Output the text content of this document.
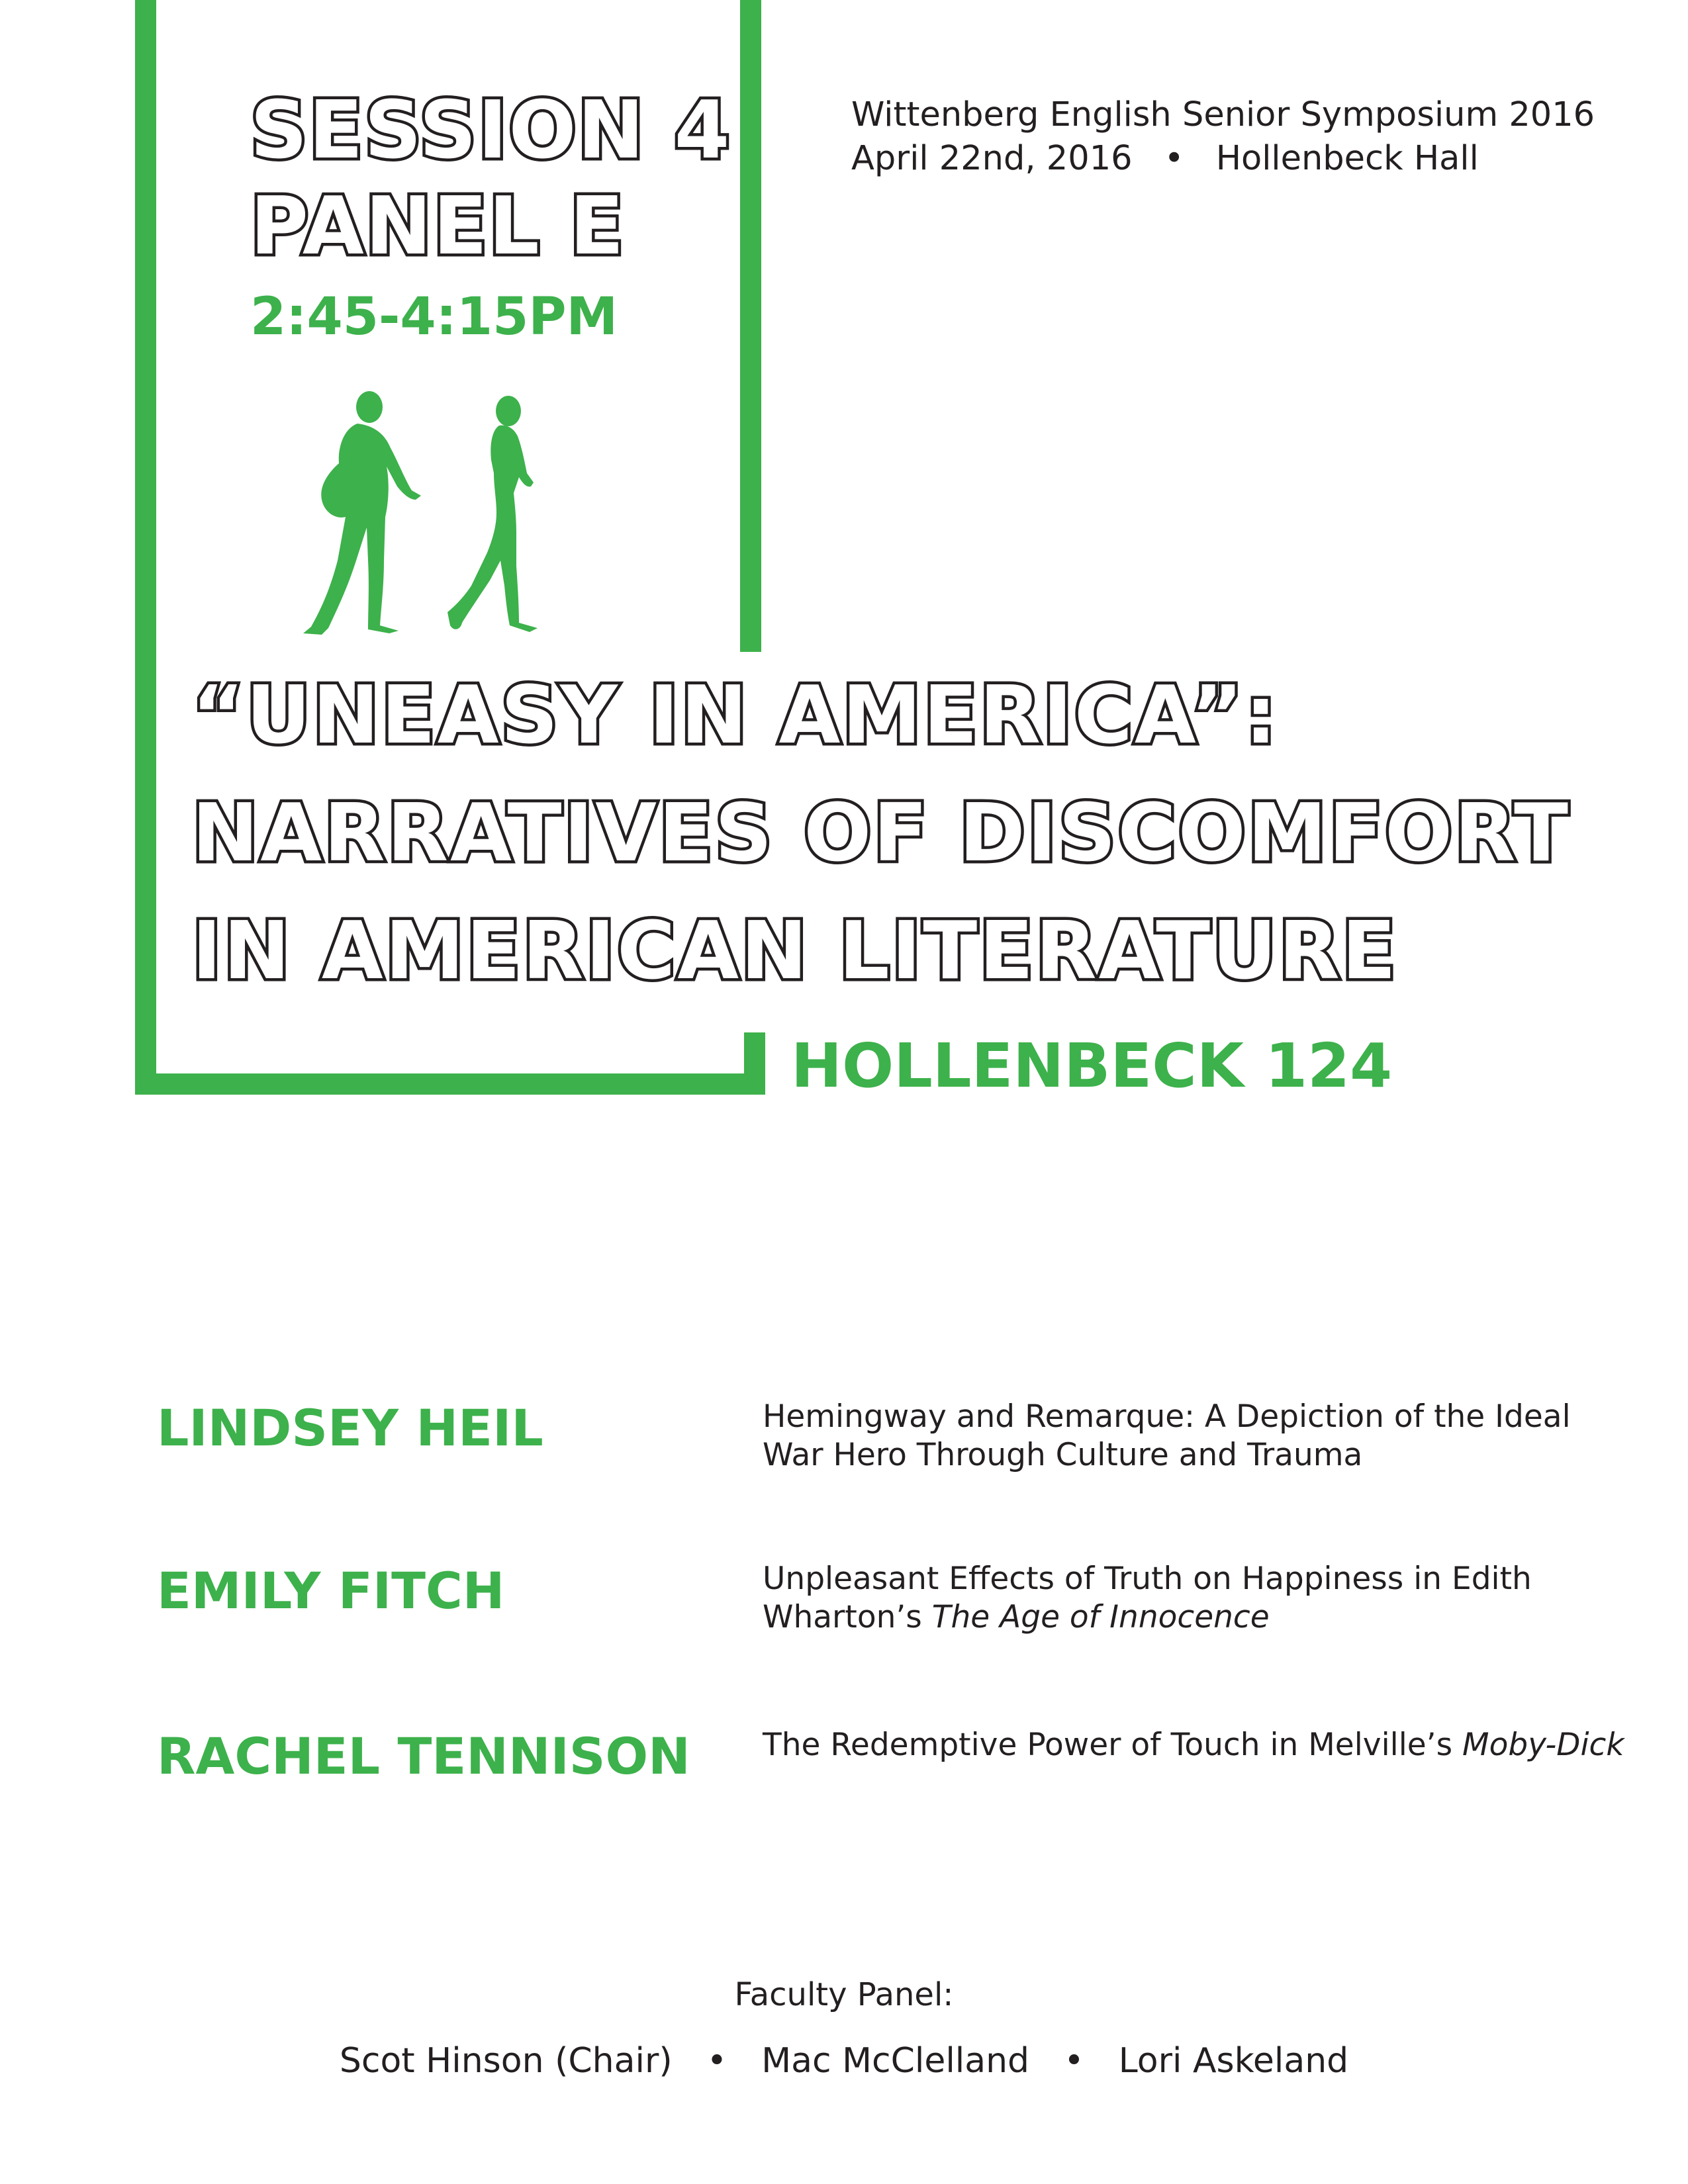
SESSION 4
PANEL E
2:45-4:15PM
Wittenberg English Senior Symposium 2016
April 22nd, 2016 • Hollenbeck Hall
“UNEASY IN AMERICA”:
NARRATIVES OF DISCOMFORT
IN AMERICAN LITERATURE
HOLLENBECK 124
LINDSEY HEIL	Hemingway and Remarque: A Depiction of the Ideal
War Hero Through Culture and Trauma
EMILY FITCH	Unpleasant Effects of Truth on Happiness in Edith
Wharton’s The Age of Innocence
RACHEL TENNISON The Redemptive Power of Touch in Melville’s Moby-Dick
Faculty Panel:
Scot Hinson (Chair) • Mac McClelland • Lori Askeland
